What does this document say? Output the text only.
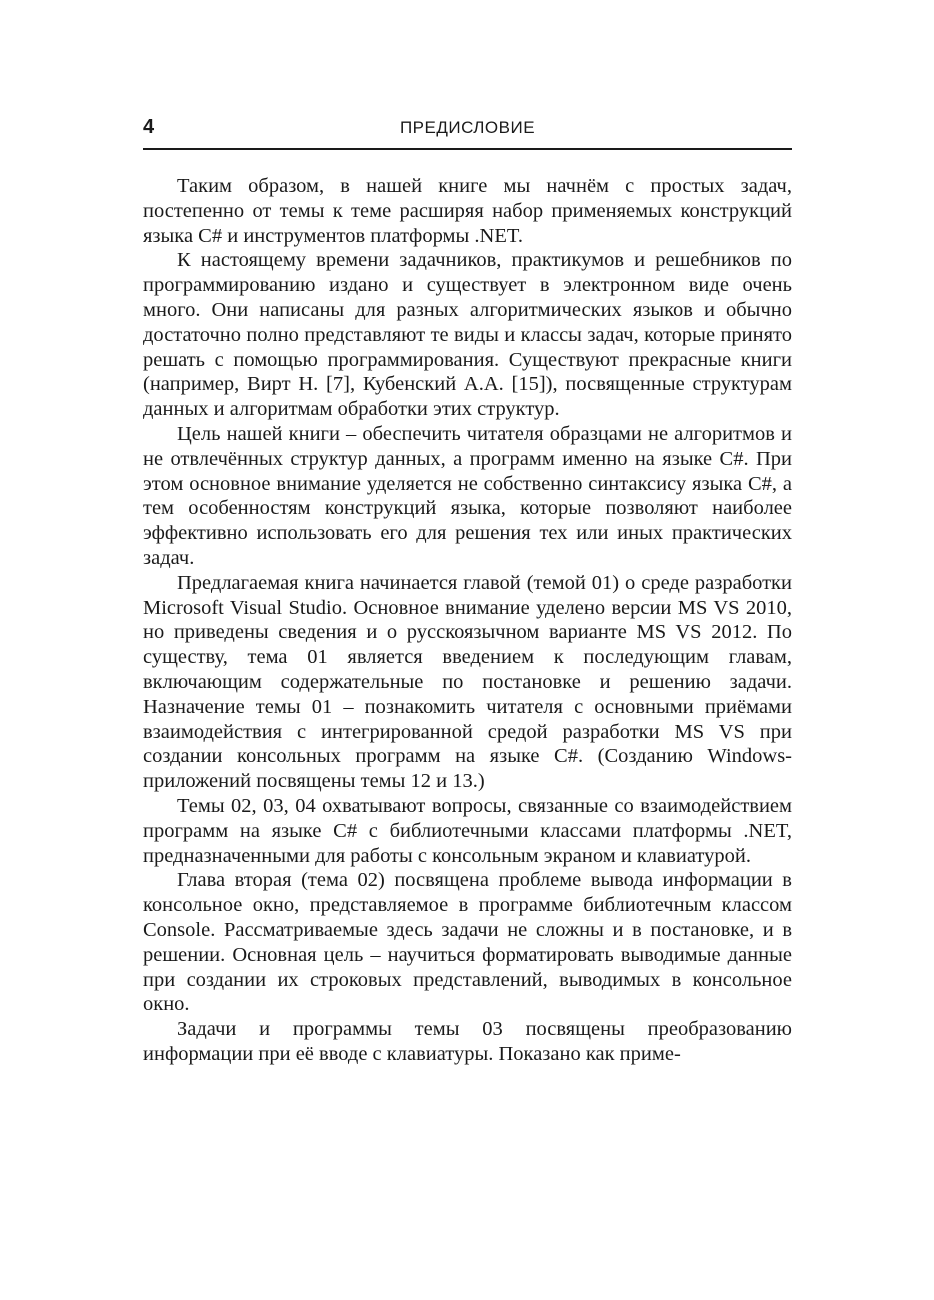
4	ПРЕДИСЛОВИЕ

Таким образом, в нашей книге мы начнём с простых задач, постепенно от темы к теме расширяя набор применяемых конструкций языка C# и инструментов платформы .NET.

К настоящему времени задачников, практикумов и решебников по программированию издано и существует в электронном виде очень много. Они написаны для разных алгоритмических языков и обычно достаточно полно представляют те виды и классы задач, которые принято решать с помощью программирования. Существуют прекрасные книги (например, Вирт Н. [7], Кубенский А.А. [15]), посвященные структурам данных и алгоритмам обработки этих структур.

Цель нашей книги – обеспечить читателя образцами не алгоритмов и не отвлечённых структур данных, а программ именно на языке C#. При этом основное внимание уделяется не собственно синтаксису языка C#, а тем особенностям конструкций языка, которые позволяют наиболее эффективно использовать его для решения тех или иных практических задач.

Предлагаемая книга начинается главой (темой 01) о среде разработки Microsoft Visual Studio. Основное внимание уделено версии MS VS 2010, но приведены сведения и о русскоязычном варианте MS VS 2012. По существу, тема 01 является введением к последующим главам, включающим содержательные по постановке и решению задачи. Назначение темы 01 – познакомить читателя с основными приёмами взаимодействия с интегрированной средой разработки MS VS при создании консольных программ на языке C#. (Созданию Windows-приложений посвящены темы 12 и 13.)

Темы 02, 03, 04 охватывают вопросы, связанные со взаимодействием программ на языке C# с библиотечными классами платформы .NET, предназначенными для работы с консольным экраном и клавиатурой.

Глава вторая (тема 02) посвящена проблеме вывода информации в консольное окно, представляемое в программе библиотечным классом Console. Рассматриваемые здесь задачи не сложны и в постановке, и в решении. Основная цель – научиться форматировать выводимые данные при создании их строковых представлений, выводимых в консольное окно.

Задачи и программы темы 03 посвящены преобразованию информации при её вводе с клавиатуры. Показано как приме-
